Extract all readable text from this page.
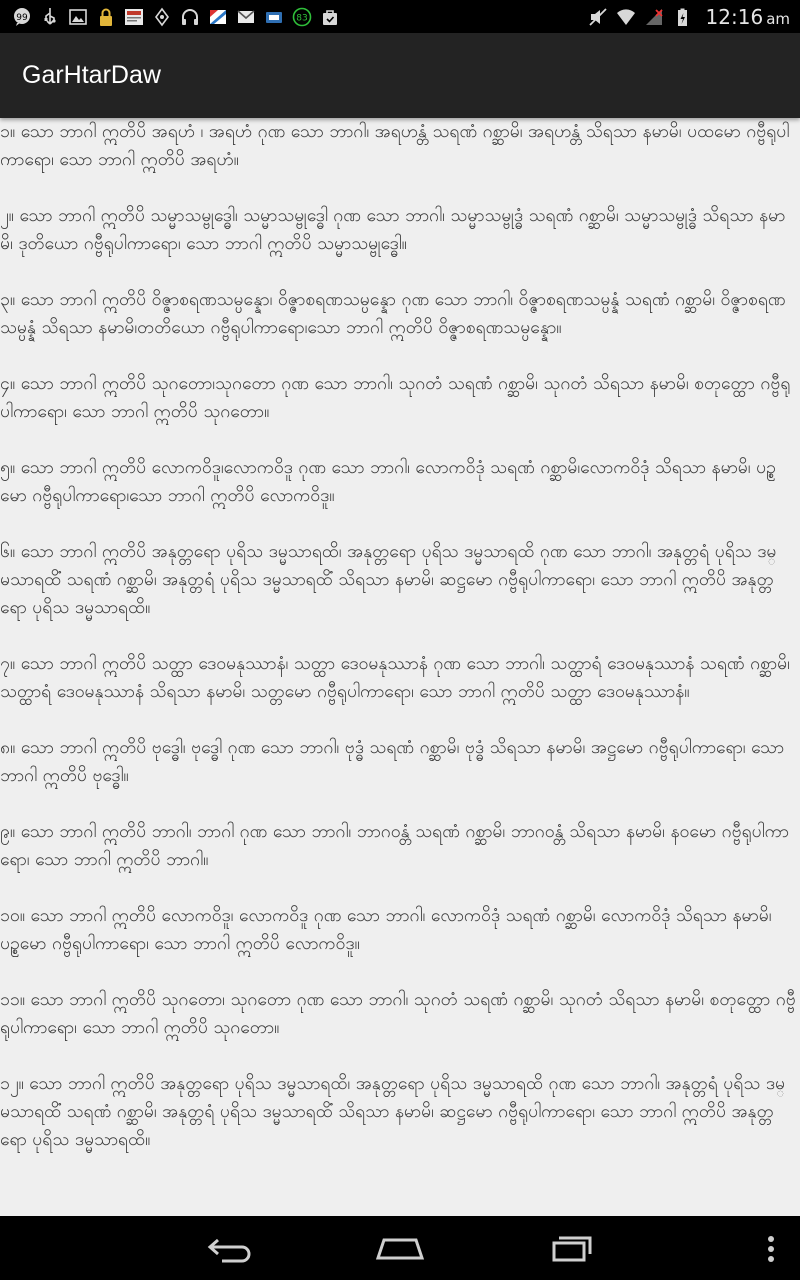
99	83	12:16 am
GarHtarDaw

၁။ သော ဘာဂါ ဣတိပိ အရဟံ ၊ အရဟံ ဂုဏ သော ဘာဂါ၊ အရဟန္တံ သရဏံ ဂစ္ဆာမိ၊ အရဟန္တံ သိရသာ နမာမိ၊ ပထမော ဂဗ္ဗီရုပါကာရော၊ သော ဘာဂါ ဣတိပိ အရဟံ။

၂။ သော ဘာဂါ ဣတိပိ သမ္မာသမ္ဗုဒ္ဓေါ၊ သမ္မာသမ္ဗုဒ္ဓေါ ဂုဏ သော ဘာဂါ၊ သမ္မာသမ္ဗုဒ္ဓံ သရဏံ ဂစ္ဆာမိ၊ သမ္မာသမ္ဗုဒ္ဓံ သိရသာ နမာမိ၊ ဒုတိယော ဂဗ္ဗီရုပါကာရော၊ သော ဘာဂါ ဣတိပိ သမ္မာသမ္ဗုဒ္ဓေါ။

၃။ သော ဘာဂါ ဣတိပိ ဝိဇ္ဇာစရဏသမ္ပန္နော၊ ဝိဇ္ဇာစရဏသမ္ပန္နော ဂုဏ သော ဘာဂါ၊ ဝိဇ္ဇာစရဏသမ္ပန္နံ သရဏံ ဂစ္ဆာမိ၊ ဝိဇ္ဇာစရဏသမ္ပန္နံ သိရသာ နမာမိ၊တတိယော ဂဗ္ဗီရုပါကာရော၊သော ဘာဂါ ဣတိပိ ဝိဇ္ဇာစရဏသမ္ပန္နော။

၄။ သော ဘာဂါ ဣတိပိ သုဂတော၊သုဂတော ဂုဏ သော ဘာဂါ၊ သုဂတံ သရဏံ ဂစ္ဆာမိ၊ သုဂတံ သိရသာ နမာမိ၊ စတုတ္ထော ဂဗ္ဗီရုပါကာရော၊ သော ဘာဂါ ဣတိပိ သုဂတော။

၅။ သော ဘာဂါ ဣတိပိ လောကဝိဒူ၊လောကဝိဒူ ဂုဏ သော ဘာဂါ၊ လောကဝိဒုံ သရဏံ ဂစ္ဆာမိ၊လောကဝိဒုံ သိရသာ နမာမိ၊ ပဉ္စမော ဂဗ္ဗီရုပါကာရော၊သော ဘာဂါ ဣတိပိ လောကဝိဒူ။

၆။ သော ဘာဂါ ဣတိပိ အနုတ္တရော ပုရိသ ဒမ္မသာရထိ၊ အနုတ္တရော ပုရိသ ဒမ္မသာရထိ ဂုဏ သော ဘာဂါ၊ အနုတ္တရံ ပုရိသ ဒမ္မသာရထိံ သရဏံ ဂစ္ဆာမိ၊ အနုတ္တရံ ပုရိသ ဒမ္မသာရထိံ သိရသာ နမာမိ၊ ဆဋ္ဌမော ဂဗ္ဗီရုပါကာရော၊ သော ဘာဂါ ဣတိပိ အနုတ္တရော ပုရိသ ဒမ္မသာရထိ။

၇။ သော ဘာဂါ ဣတိပိ သတ္ထာ ဒေဝမနုဿာနံ၊ သတ္ထာ ဒေဝမနုဿာနံ ဂုဏ သော ဘာဂါ၊ သတ္ထာရံ ဒေဝမနုဿာနံ သရဏံ ဂစ္ဆာမိ၊ သတ္ထာရံ ဒေဝမနုဿာနံ သိရသာ နမာမိ၊ သတ္တမော ဂဗ္ဗီရုပါကာရော၊ သော ဘာဂါ ဣတိပိ သတ္ထာ ဒေဝမနုဿာနံ။

၈။ သော ဘာဂါ ဣတိပိ ဗုဒ္ဓေါ၊ ဗုဒ္ဓေါ ဂုဏ သော ဘာဂါ၊ ဗုဒ္ဓံ သရဏံ ဂစ္ဆာမိ၊ ဗုဒ္ဓံ သိရသာ နမာမိ၊ အဋ္ဌမော ဂဗ္ဗီရုပါကာရော၊ သော ဘာဂါ ဣတိပိ ဗုဒ္ဓေါ။

၉။ သော ဘာဂါ ဣတိပိ ဘာဂါ၊ ဘာဂါ ဂုဏ သော ဘာဂါ၊ ဘာဂဝန္တံ သရဏံ ဂစ္ဆာမိ၊ ဘာဂဝန္တံ သိရသာ နမာမိ၊ နဝမော ဂဗ္ဗီရုပါကာရော၊ သော ဘာဂါ ဣတိပိ ဘာဂါ။

၁၀။ သော ဘာဂါ ဣတိပိ လောကဝိဒူ၊ လောကဝိဒူ ဂုဏ သော ဘာဂါ၊ လောကဝိဒုံ သရဏံ ဂစ္ဆာမိ၊ လောကဝိဒုံ သိရသာ နမာမိ၊ ပဉ္စမော ဂဗ္ဗီရုပါကာရော၊ သော ဘာဂါ ဣတိပိ လောကဝိဒူ။

၁၁။ သော ဘာဂါ ဣတိပိ သုဂတော၊ သုဂတော ဂုဏ သော ဘာဂါ၊ သုဂတံ သရဏံ ဂစ္ဆာမိ၊ သုဂတံ သိရသာ နမာမိ၊ စတုတ္ထော ဂဗ္ဗီရုပါကာရော၊ သော ဘာဂါ ဣတိပိ သုဂတော။

၁၂။ သော ဘာဂါ ဣတိပိ အနုတ္တရော ပုရိသ ဒမ္မသာရထိ၊ အနုတ္တရော ပုရိသ ဒမ္မသာရထိ ဂုဏ သော ဘာဂါ၊ အနုတ္တရံ ပုရိသ ဒမ္မသာရထိံ သရဏံ ဂစ္ဆာမိ၊ အနုတ္တရံ ပုရိသ ဒမ္မသာရထိံ သိရသာ နမာမိ၊ ဆဋ္ဌမော ဂဗ္ဗီရုပါကာရော၊ သော ဘာဂါ ဣတိပိ အနုတ္တရော ပုရိသ ဒမ္မသာရထိ။
